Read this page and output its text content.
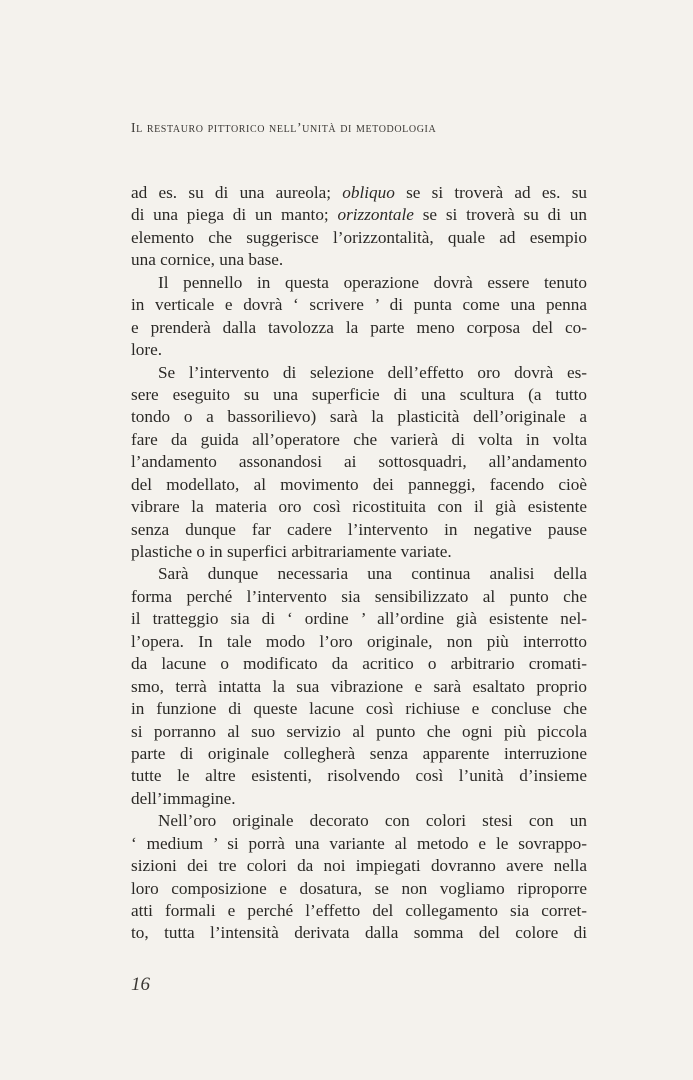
Il restauro pittorico nell’unità di metodologia
ad es. su di una aureola; obliquo se si troverà ad es. su
di una piega di un manto; orizzontale se si troverà su di un
elemento che suggerisce l’orizzontalità, quale ad esempio
una cornice, una base.
Il pennello in questa operazione dovrà essere tenuto
in verticale e dovrà ‘ scrivere ’ di punta come una penna
e prenderà dalla tavolozza la parte meno corposa del co-
lore.
Se l’intervento di selezione dell’effetto oro dovrà es-
sere eseguito su una superficie di una scultura (a tutto
tondo o a bassorilievo) sarà la plasticità dell’originale a
fare da guida all’operatore che varierà di volta in volta
l’andamento assonandosi ai sottosquadri, all’andamento
del modellato, al movimento dei panneggi, facendo cioè
vibrare la materia oro così ricostituita con il già esistente
senza dunque far cadere l’intervento in negative pause
plastiche o in superfici arbitrariamente variate.
Sarà dunque necessaria una continua analisi della
forma perché l’intervento sia sensibilizzato al punto che
il tratteggio sia di ‘ ordine ’ all’ordine già esistente nel-
l’opera. In tale modo l’oro originale, non più interrotto
da lacune o modificato da acritico o arbitrario cromati-
smo, terrà intatta la sua vibrazione e sarà esaltato proprio
in funzione di queste lacune così richiuse e concluse che
si porranno al suo servizio al punto che ogni più piccola
parte di originale collegherà senza apparente interruzione
tutte le altre esistenti, risolvendo così l’unità d’insieme
dell’immagine.
Nell’oro originale decorato con colori stesi con un
‘ medium ’ si porrà una variante al metodo e le sovrappo-
sizioni dei tre colori da noi impiegati dovranno avere nella
loro composizione e dosatura, se non vogliamo riproporre
atti formali e perché l’effetto del collegamento sia corret-
to, tutta l’intensità derivata dalla somma del colore di
16
